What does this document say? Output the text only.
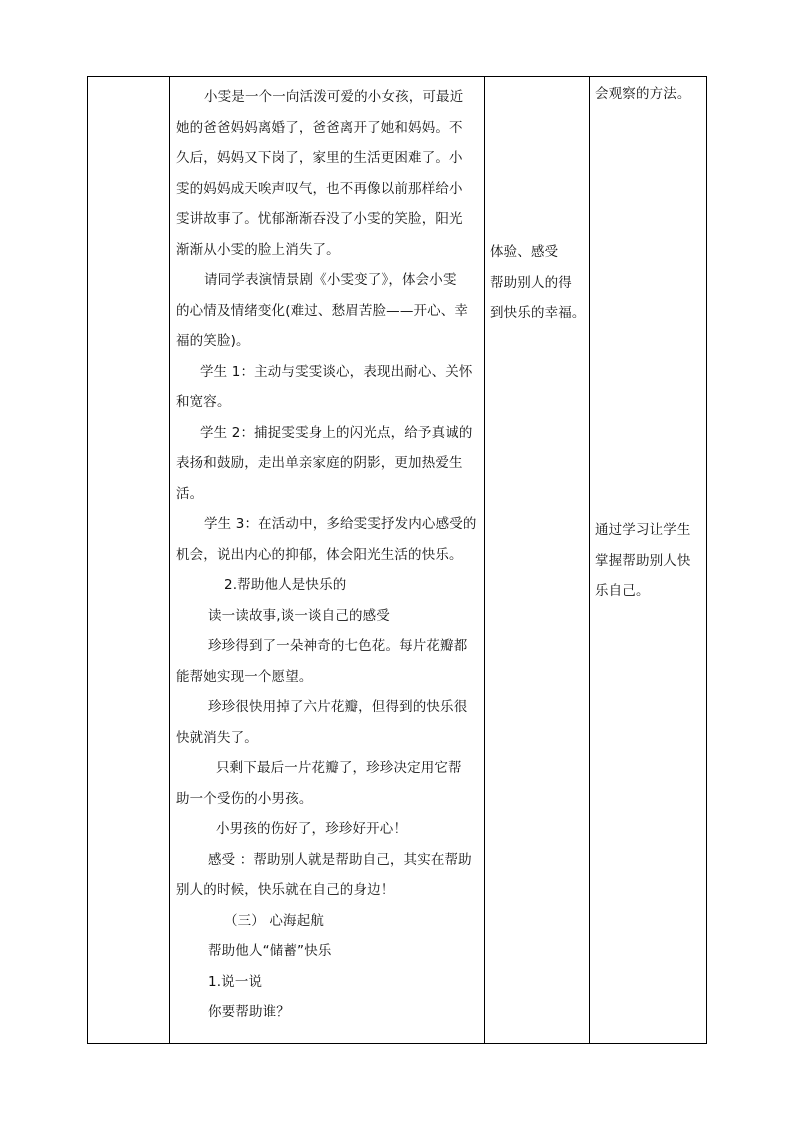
小雯是一个一向活泼可爱的小女孩，可最近
她的爸爸妈妈离婚了，爸爸离开了她和妈妈。不
久后，妈妈又下岗了，家里的生活更困难了。小
雯的妈妈成天唉声叹气，也不再像以前那样给小
雯讲故事了。忧郁渐渐吞没了小雯的笑脸，阳光
渐渐从小雯的脸上消失了。
请同学表演情景剧《小雯变了》，体会小雯
的心情及情绪变化(难过、愁眉苦脸——开心、幸
福的笑脸)。
学生 1：主动与雯雯谈心，表现出耐心、关怀
和宽容。
学生 2：捕捉雯雯身上的闪光点，给予真诚的
表扬和鼓励，走出单亲家庭的阴影，更加热爱生
活。
学生 3：在活动中，多给雯雯抒发内心感受的
机会，说出内心的抑郁，体会阳光生活的快乐。
2.帮助他人是快乐的
读一读故事,谈一谈自己的感受
珍珍得到了一朵神奇的七色花。每片花瓣都
能帮她实现一个愿望。
珍珍很快用掉了六片花瓣，但得到的快乐很
快就消失了。
只剩下最后一片花瓣了，珍珍决定用它帮
助一个受伤的小男孩。
小男孩的伤好了，珍珍好开心！
感受 ：帮助别人就是帮助自己，其实在帮助
别人的时候，快乐就在自己的身边！
（三） 心海起航
帮助他人“储蓄”快乐
1.说一说
你要帮助谁？
体验、感受
帮助别人的得
到快乐的幸福。
会观察的方法。
通过学习让学生
掌握帮助别人快
乐自己。
